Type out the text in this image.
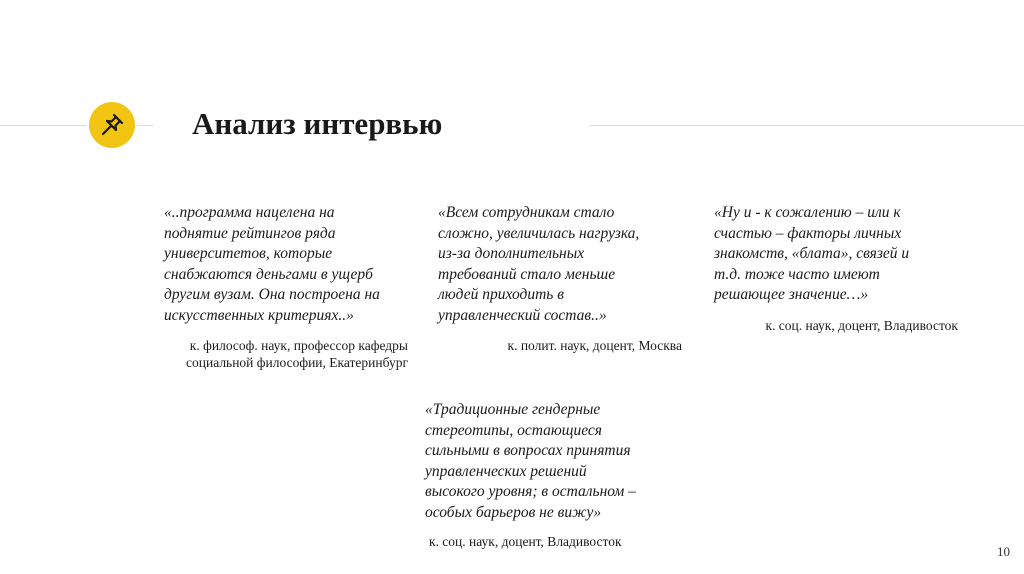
Анализ интервью

«..программа нацелена на
поднятие рейтингов ряда
университетов, которые
снабжаются деньгами в ущерб
другим вузам. Она построена на
искусственных критериях..»

к. философ. наук, профессор кафедры
социальной философии, Екатеринбург

«Всем сотрудникам стало
сложно, увеличилась нагрузка,
из-за дополнительных
требований стало меньше
людей приходить в
управленческий состав..»

к. полит. наук, доцент, Москва

«Ну и - к сожалению – или к
счастью – факторы личных
знакомств, «блата», связей и
т.д. тоже часто имеют
решающее значение…»

к. соц. наук, доцент, Владивосток

«Традиционные гендерные
стереотипы, остающиеся
сильными в вопросах принятия
управленческих решений
высокого уровня; в остальном –
особых барьеров не вижу»

к. соц. наук, доцент, Владивосток
10
